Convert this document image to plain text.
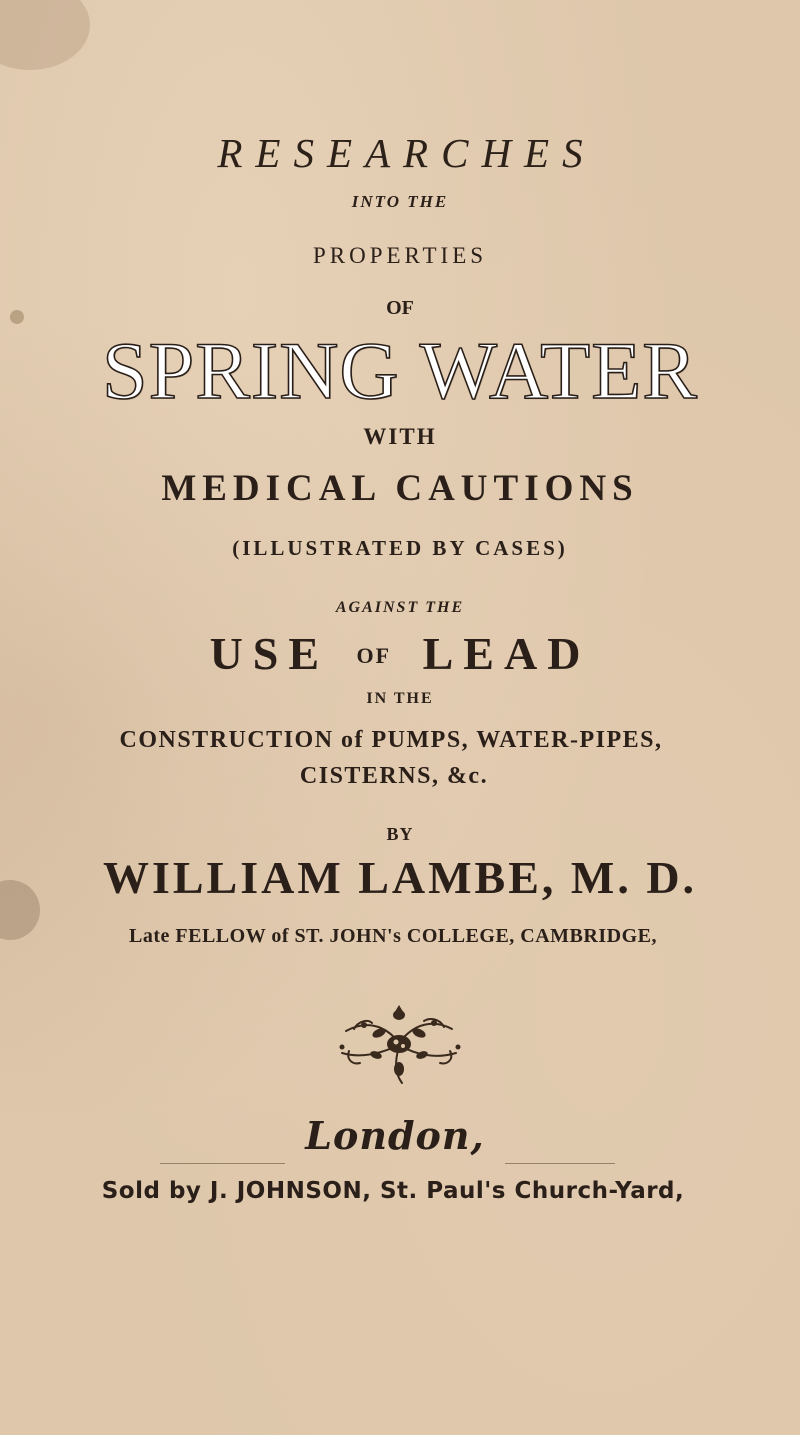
RESEARCHES
INTO THE
PROPERTIES
OF
SPRING WATER
WITH
MEDICAL CAUTIONS
(ILLUSTRATED BY CASES)
AGAINST THE
USE OF LEAD
IN THE
CONSTRUCTION of PUMPS, WATER-PIPES,
CISTERNS, &c.
BY
WILLIAM LAMBE, M. D.
Late FELLOW of ST. JOHN's COLLEGE, CAMBRIDGE,
London,
Sold by J. JOHNSON, St. Paul's Church-Yard,
